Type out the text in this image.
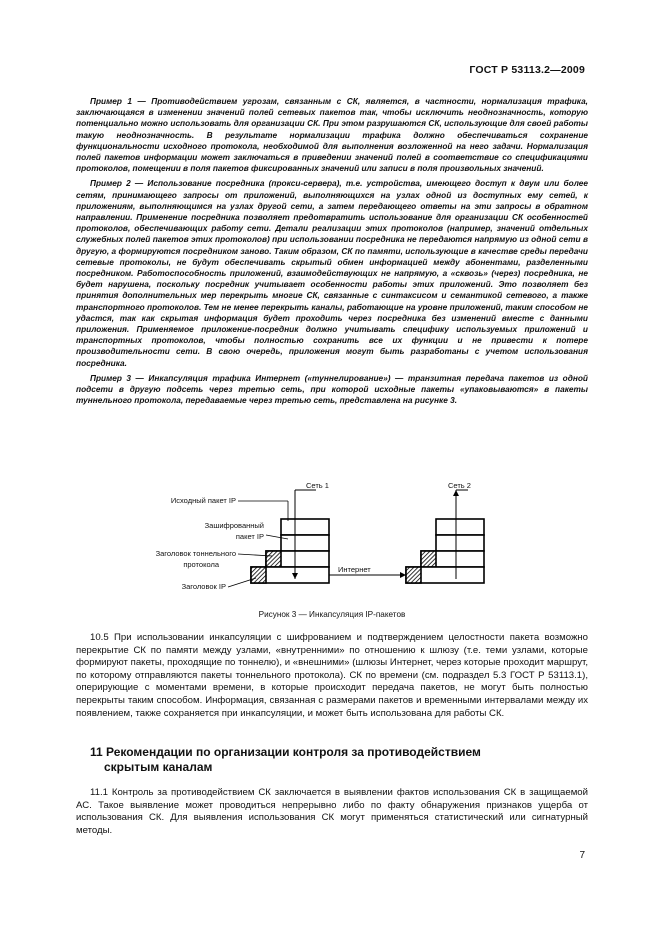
ГОСТ Р 53113.2—2009

Пример 1 — Противодействием угрозам, связанным с СК, является, в частности, нормализация трафика, заключающаяся в изменении значений полей сетевых пакетов так, чтобы исключить неоднозначность, которую потенциально можно использовать для организации СК. При этом разрушаются СК, использующие для своей работы такую неоднозначность. В результате нормализации трафика должно обеспечиваться сохранение функциональности исходного протокола, необходимой для выполнения возложенной на него задачи. Нормализация полей пакетов информации может заключаться в приведении значений полей в соответствие со спецификациями протоколов, помещении в поля пакетов фиксированных значений или записи в поля произвольных значений.

Пример 2 — Использование посредника (прокси-сервера), т.е. устройства, имеющего доступ к двум или более сетям, принимающего запросы от приложений, выполняющихся на узлах одной из доступных ему сетей, к приложениям, выполняющимся на узлах другой сети, а затем передающего ответы на эти запросы в обратном направлении. Применение посредника позволяет предотвратить использование для организации СК особенностей протоколов, обеспечивающих работу сети. Детали реализации этих протоколов (например, значений отдельных служебных полей пакетов этих протоколов) при использовании посредника не передаются напрямую из одной сети в другую, а формируются посредником заново. Таким образом, СК по памяти, использующие в качестве среды передачи сетевые протоколы, не будут обеспечивать скрытый обмен информацией между абонентами, разделенными посредником. Работоспособность приложений, взаимодействующих не напрямую, а «сквозь» (через) посредника, не будет нарушена, поскольку посредник учитывает особенности работы этих приложений. Это позволяет без принятия дополнительных мер перекрыть многие СК, связанные с синтаксисом и семантикой сетевого, а также транспортного протоколов. Тем не менее перекрыть каналы, работающие на уровне приложений, таким способом не удастся, так как скрытая информация будет проходить через посредника без изменений вместе с данными приложения. Применяемое приложение-посредник должно учитывать специфику используемых приложений и транспортных протоколов, чтобы полностью сохранить все их функции и не привести к потере производительности сети. В свою очередь, приложения могут быть разработаны с учетом использования посредника.

Пример 3 — Инкапсуляция трафика Интернет («туннелирование») — транзитная передача пакетов из одной подсети в другую подсеть через третью сеть, при которой исходные пакеты «упаковываются» в пакеты туннельного протокола, передаваемые через третью сеть, представлена на рисунке 3.

Сеть 1	Сеть 2
Исходный пакет IP
Зашифрованный
пакет IP
Заголовок тоннельного
протокола
Заголовок IP
Интернет
Рисунок 3 — Инкапсуляция IP-пакетов

10.5 При использовании инкапсуляции с шифрованием и подтверждением целостности пакета возможно перекрытие СК по памяти между узлами, «внутренними» по отношению к шлюзу (т.е. теми узлами, которые формируют пакеты, проходящие по тоннелю), и «внешними» (шлюзы Интернет, через которые проходит маршрут, по которому отправляются пакеты тоннельного протокола). СК по времени (см. подраздел 5.3 ГОСТ Р 53113.1), оперирующие с моментами времени, в которые происходит передача пакетов, не могут быть полностью перекрыты таким способом. Информация, связанная с размерами пакетов и временными интервалами между их появлением, также сохраняется при инкапсуляции, и может быть использована для работы СК.

11 Рекомендации по организации контроля за противодействием
скрытым каналам

11.1 Контроль за противодействием СК заключается в выявлении фактов использования СК в защищаемой АС. Такое выявление может проводиться непрерывно либо по факту обнаружения признаков ущерба от использования СК. Для выявления использования СК могут применяться статистический или сигнатурный методы.

7
